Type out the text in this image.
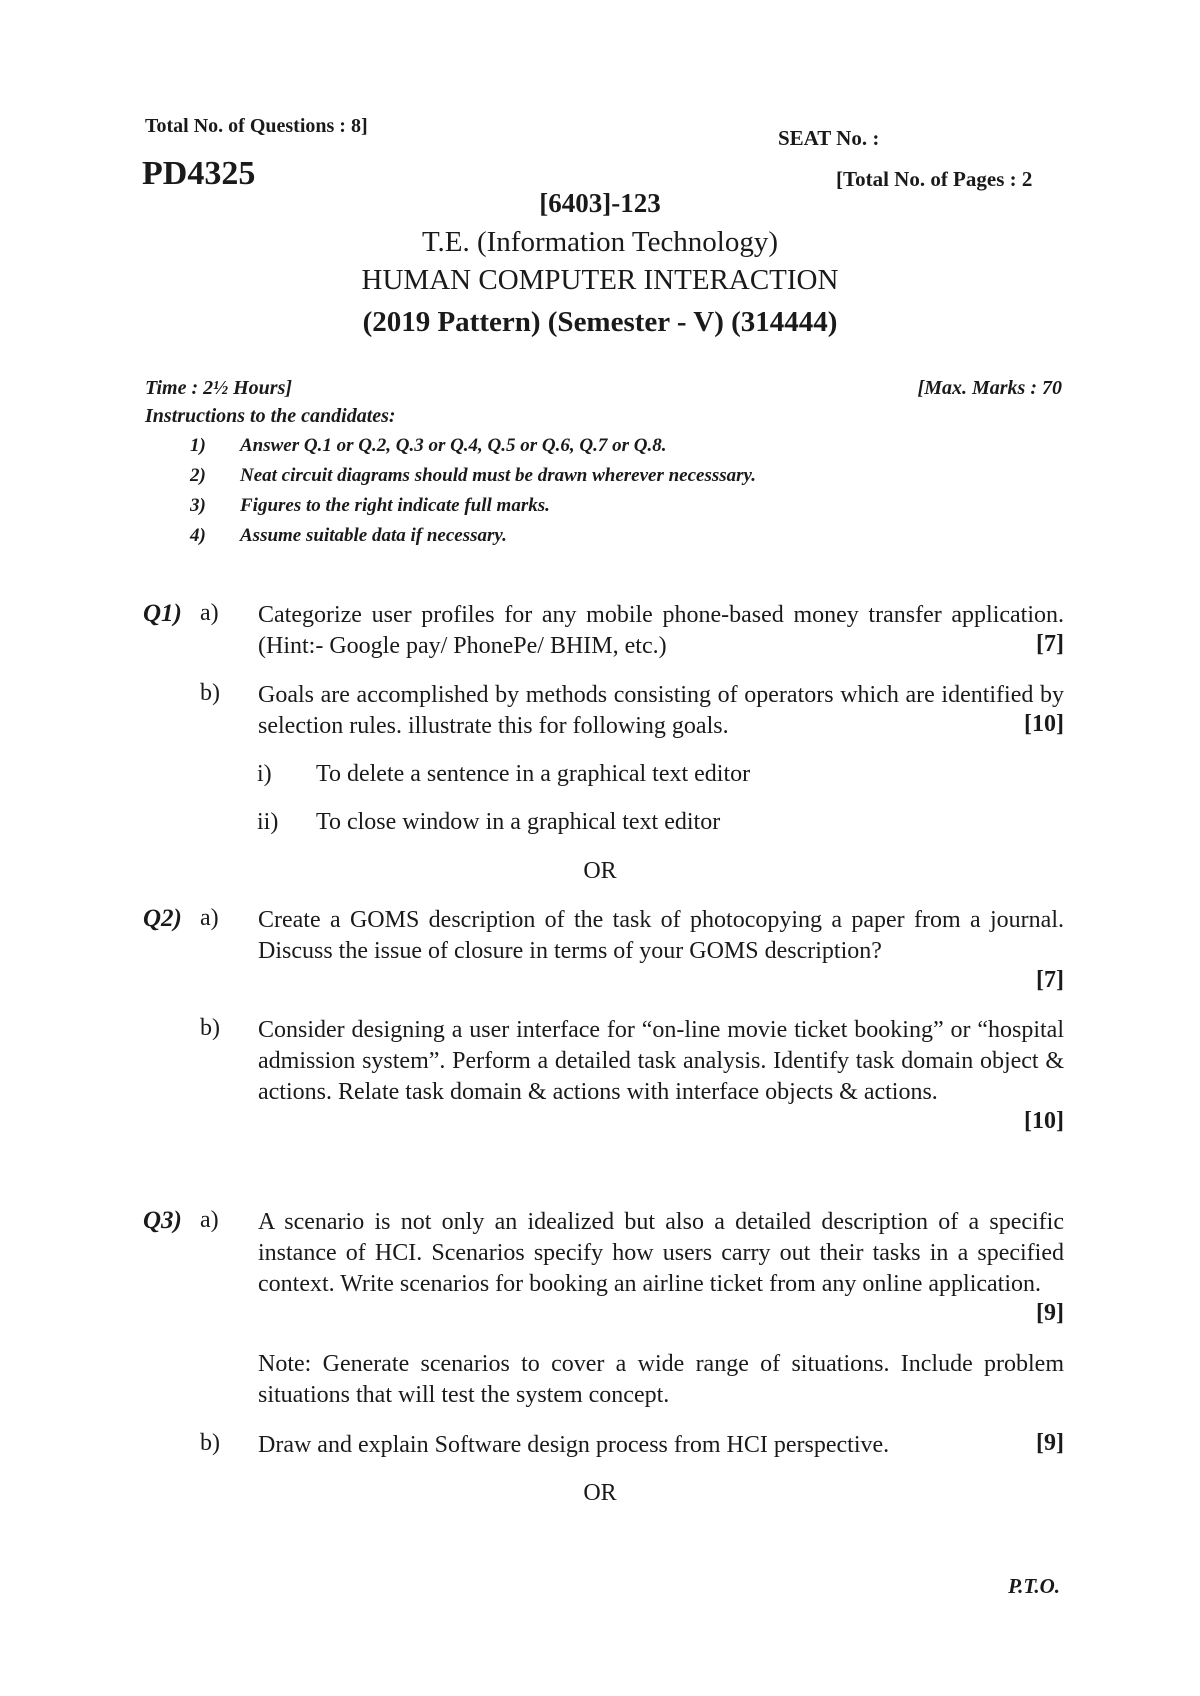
Total No. of Questions : 8]	SEAT No. :
PD4325	[Total No. of Pages : 2
[6403]-123
T.E. (Information Technology)
HUMAN COMPUTER INTERACTION
(2019 Pattern) (Semester - V) (314444)
Time : 2½ Hours]	[Max. Marks : 70
Instructions to the candidates:
1) Answer Q.1 or Q.2, Q.3 or Q.4, Q.5 or Q.6, Q.7 or Q.8.
2) Neat circuit diagrams should must be drawn wherever necesssary.
3) Figures to the right indicate full marks.
4) Assume suitable data if necessary.
Q1) a) Categorize user profiles for any mobile phone-based money transfer application. (Hint:- Google pay/ PhonePe/ BHIM, etc.)	[7]
b) Goals are accomplished by methods consisting of operators which are identified by selection rules. illustrate this for following goals.	[10]
i) To delete a sentence in a graphical text editor
ii) To close window in a graphical text editor
OR
Q2) a) Create a GOMS description of the task of photocopying a paper from a journal. Discuss the issue of closure in terms of your GOMS description?
[7]
b) Consider designing a user interface for “on-line movie ticket booking” or “hospital admission system”. Perform a detailed task analysis. Identify task domain object & actions. Relate task domain & actions with interface objects & actions.
[10]
Q3) a) A scenario is not only an idealized but also a detailed description of a specific instance of HCI. Scenarios specify how users carry out their tasks in a specified context. Write scenarios for booking an airline ticket from any online application.
[9]
Note: Generate scenarios to cover a wide range of situations. Include problem situations that will test the system concept.
b) Draw and explain Software design process from HCI perspective.	[9]
OR
P.T.O.
